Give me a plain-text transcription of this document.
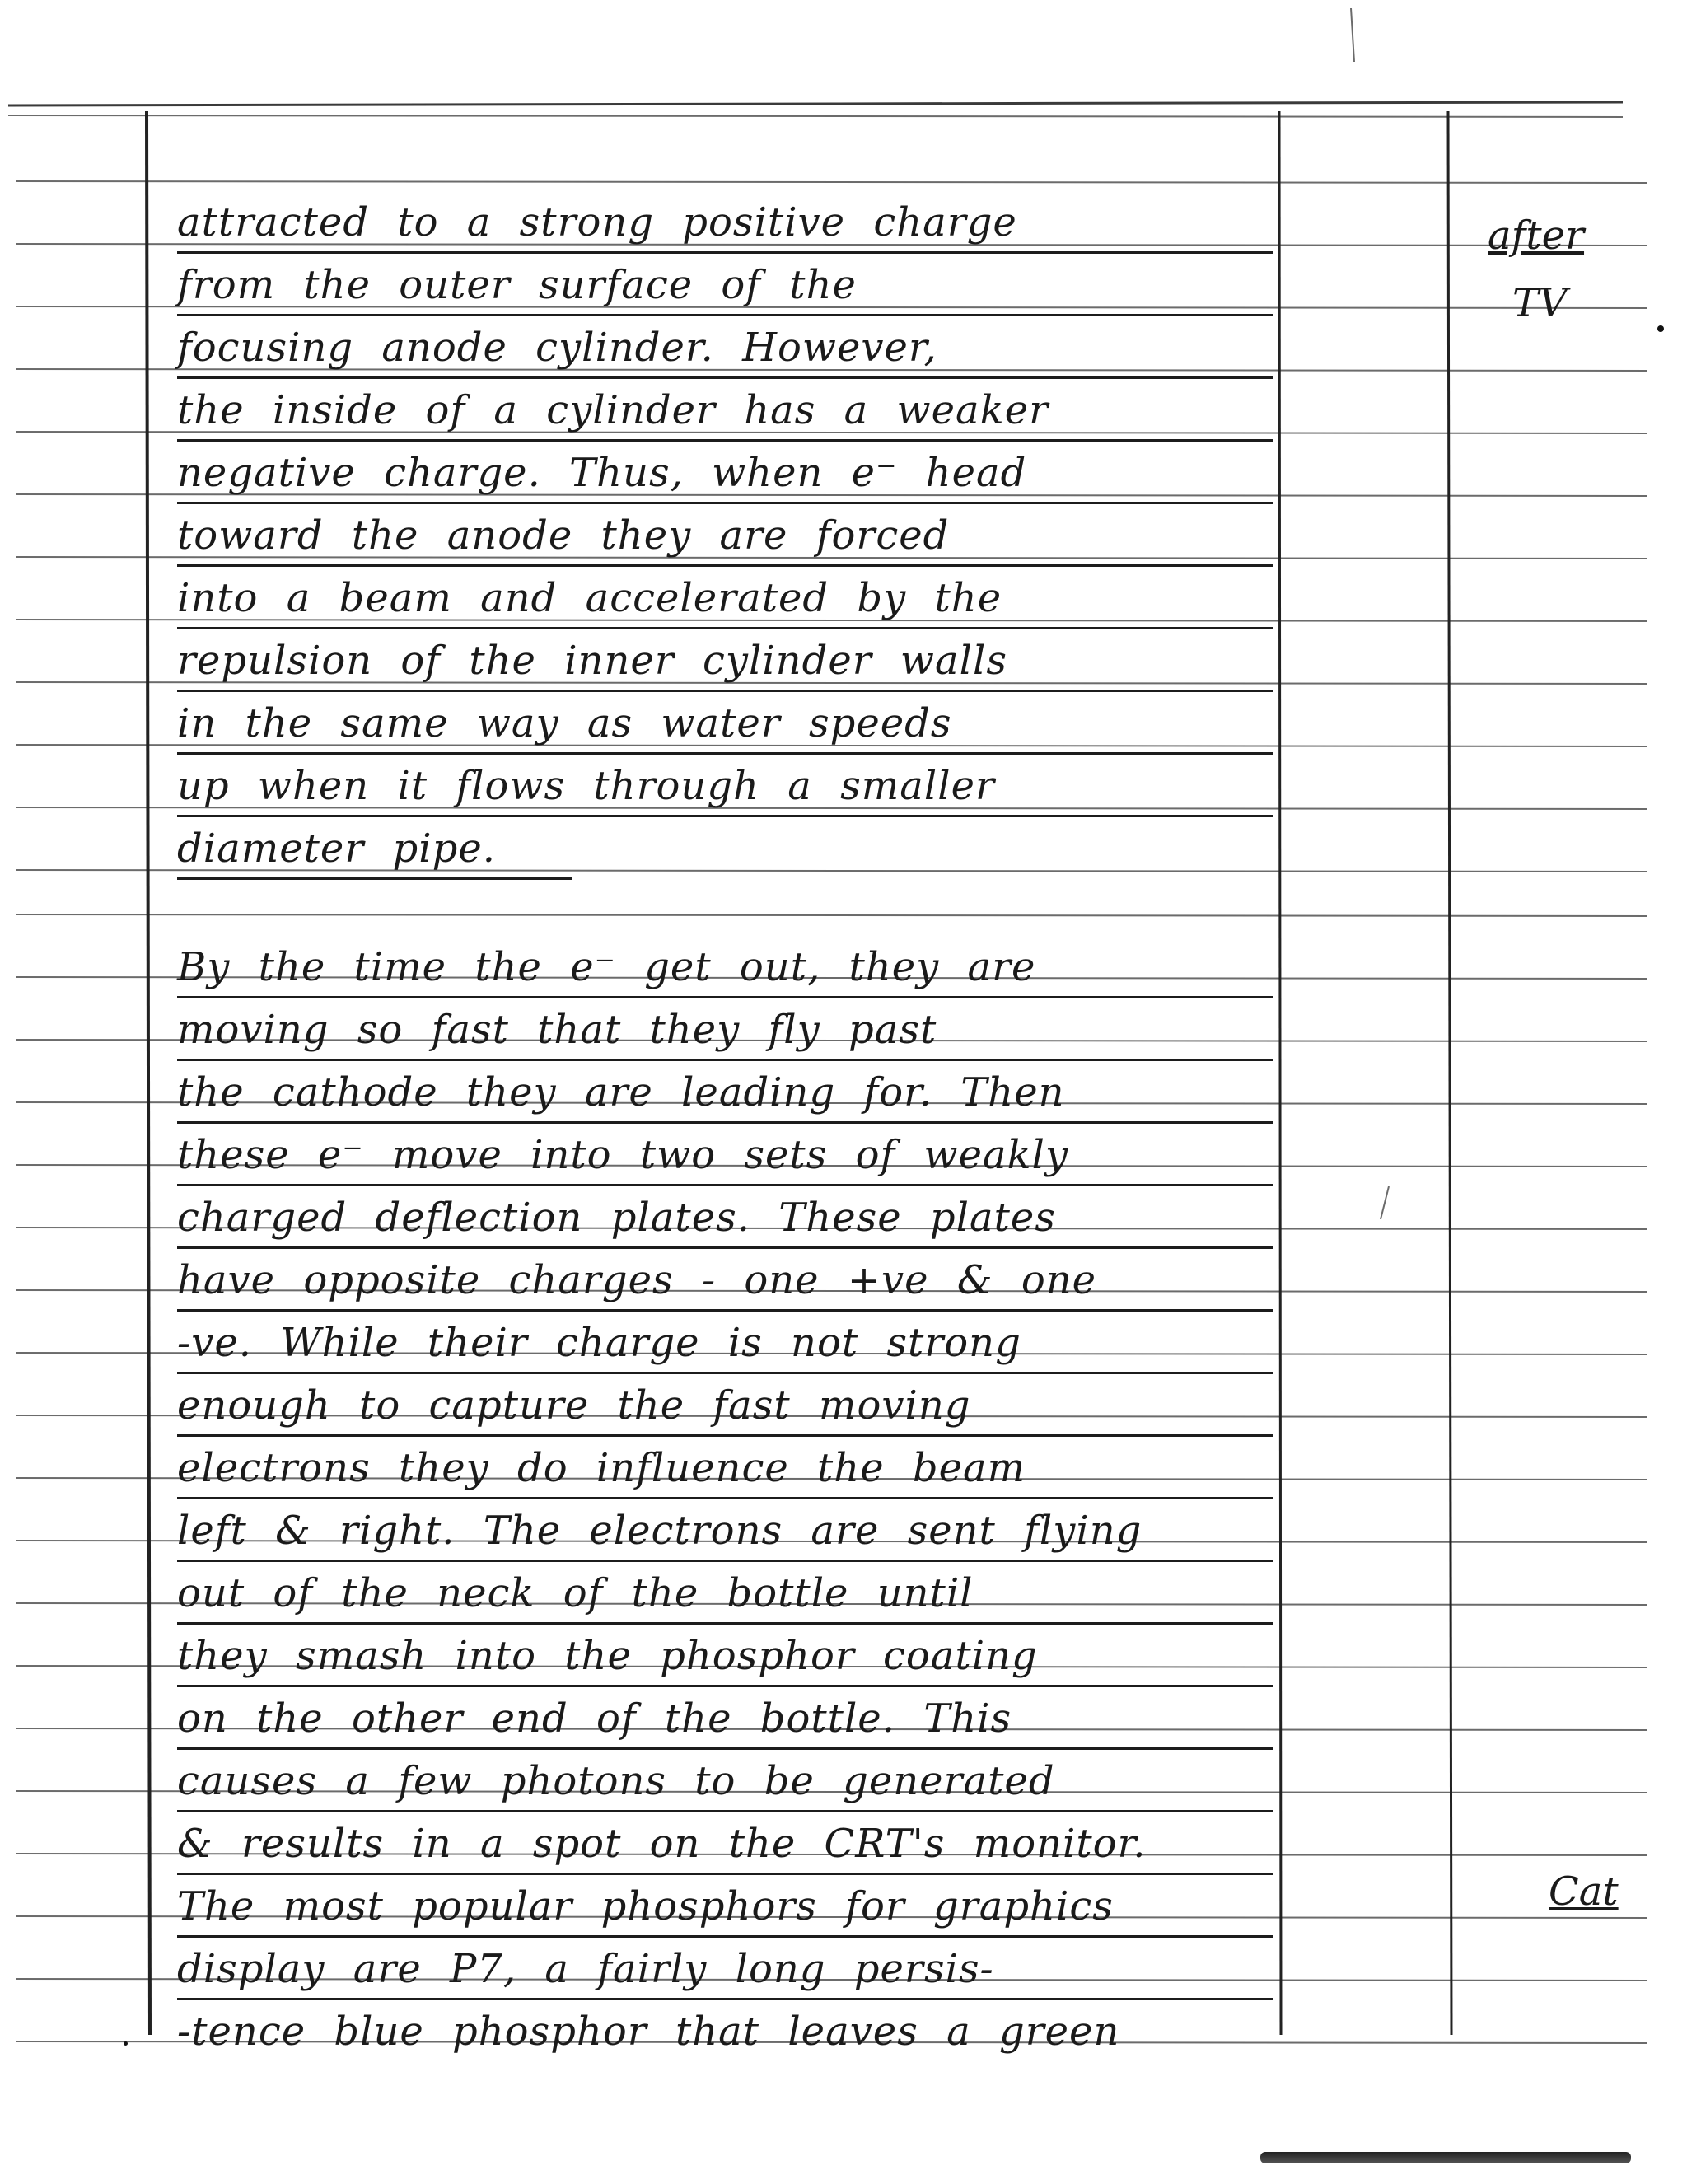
attracted to a strong positive charge
from the outer surface of the
focusing anode cylinder. However,
the inside of a cylinder has a weaker
negative charge. Thus, when e⁻ head
toward the anode they are forced
into a beam and accelerated by the
repulsion of the inner cylinder walls
in the same way as water speeds
up when it flows through a smaller
diameter pipe.
By the time the e⁻ get out, they are
moving so fast that they fly past
the cathode they are leading for. Then
these e⁻ move into two sets of weakly
charged deflection plates. These plates
have opposite charges - one +ve & one
-ve. While their charge is not strong
enough to capture the fast moving
electrons they do influence the beam
left & right. The electrons are sent flying
out of the neck of the bottle until
they smash into the phosphor coating
on the other end of the bottle. This
causes a few photons to be generated
& results in a spot on the CRT's monitor.
The most popular phosphors for graphics
display are P7, a fairly long persis-
-tence blue phosphor that leaves a green
after
TV
Cat
